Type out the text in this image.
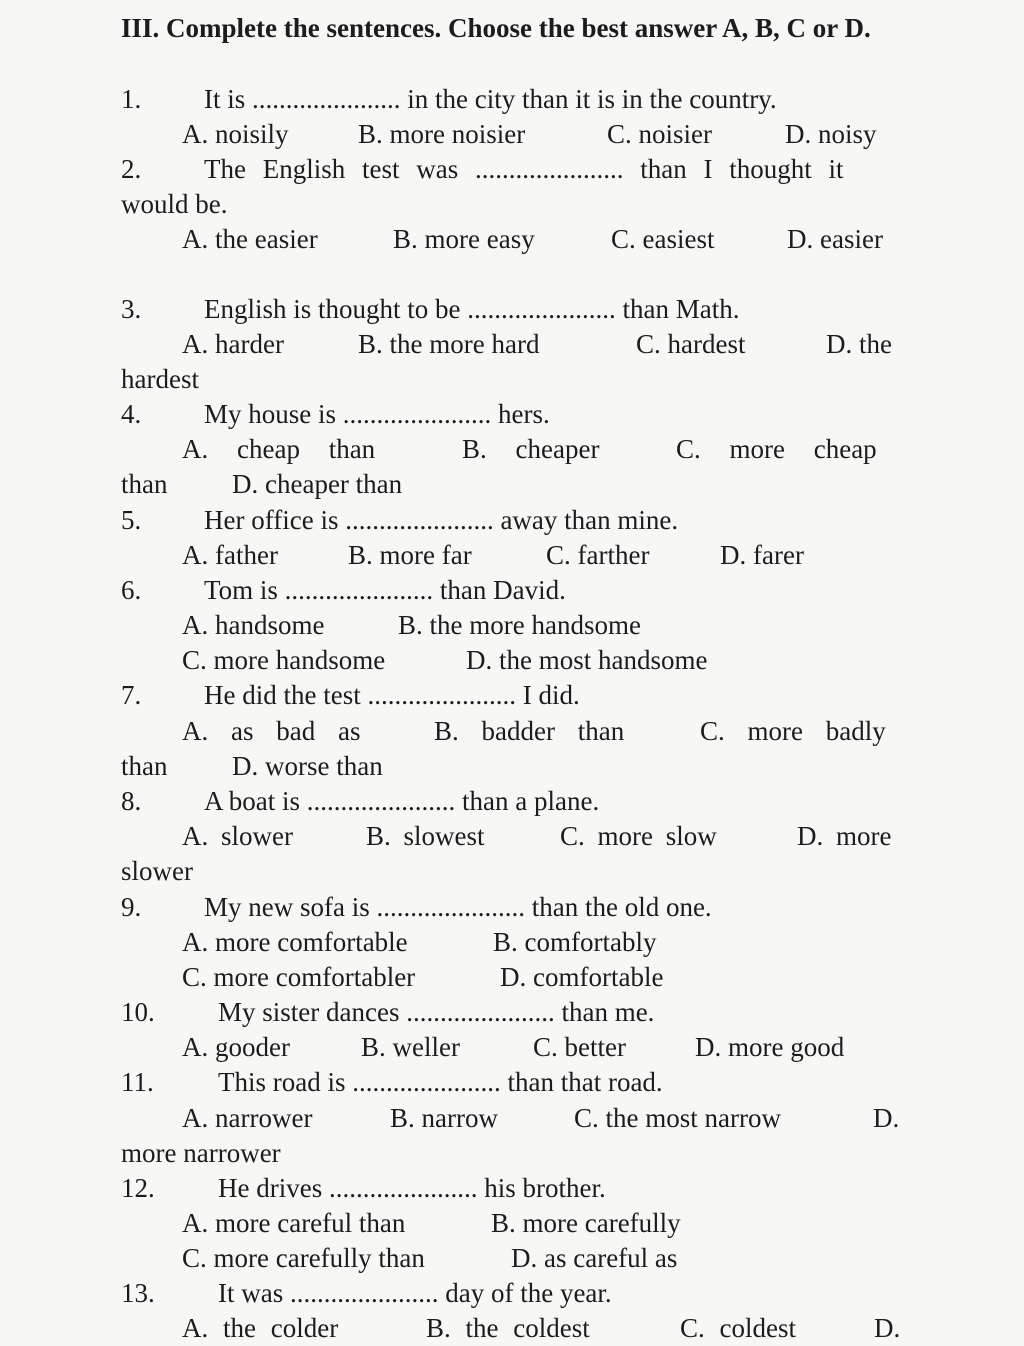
III. Complete the sentences. Choose the best answer A, B, C or D.
1. It is ...................... in the city than it is in the country.
A. noisily	B. more noisier	C. noisier	D. noisy
2. The English test was ...................... than I thought it
would be.
A. the easier	B. more easy	C. easiest	D. easier
3. English is thought to be ...................... than Math.
A. harder	B. the more hard	C. hardest	D. the
hardest
4. My house is ...................... hers.
A. cheap than	B. cheaper	C. more cheap
than D. cheaper than
5. Her office is ...................... away than mine.
A. father	B. more far	C. farther	D. farer
6. Tom is ...................... than David.
A. handsome	B. the more handsome
C. more handsome	D. the most handsome
7. He did the test ...................... I did.
A. as bad as	B. badder than	C. more badly
than D. worse than
8. A boat is ...................... than a plane.
A. slower	B. slowest	C. more slow	D. more
slower
9. My new sofa is ...................... than the old one.
A. more comfortable	B. comfortably
C. more comfortabler	D. comfortable
10. My sister dances ...................... than me.
A. gooder	B. weller	C. better	D. more good
11. This road is ...................... than that road.
A. narrower	B. narrow	C. the most narrow	D.
more narrower
12. He drives ...................... his brother.
A. more careful than	B. more carefully
C. more carefully than	D. as careful as
13. It was ...................... day of the year.
A. the colder	B. the coldest	C. coldest	D.
